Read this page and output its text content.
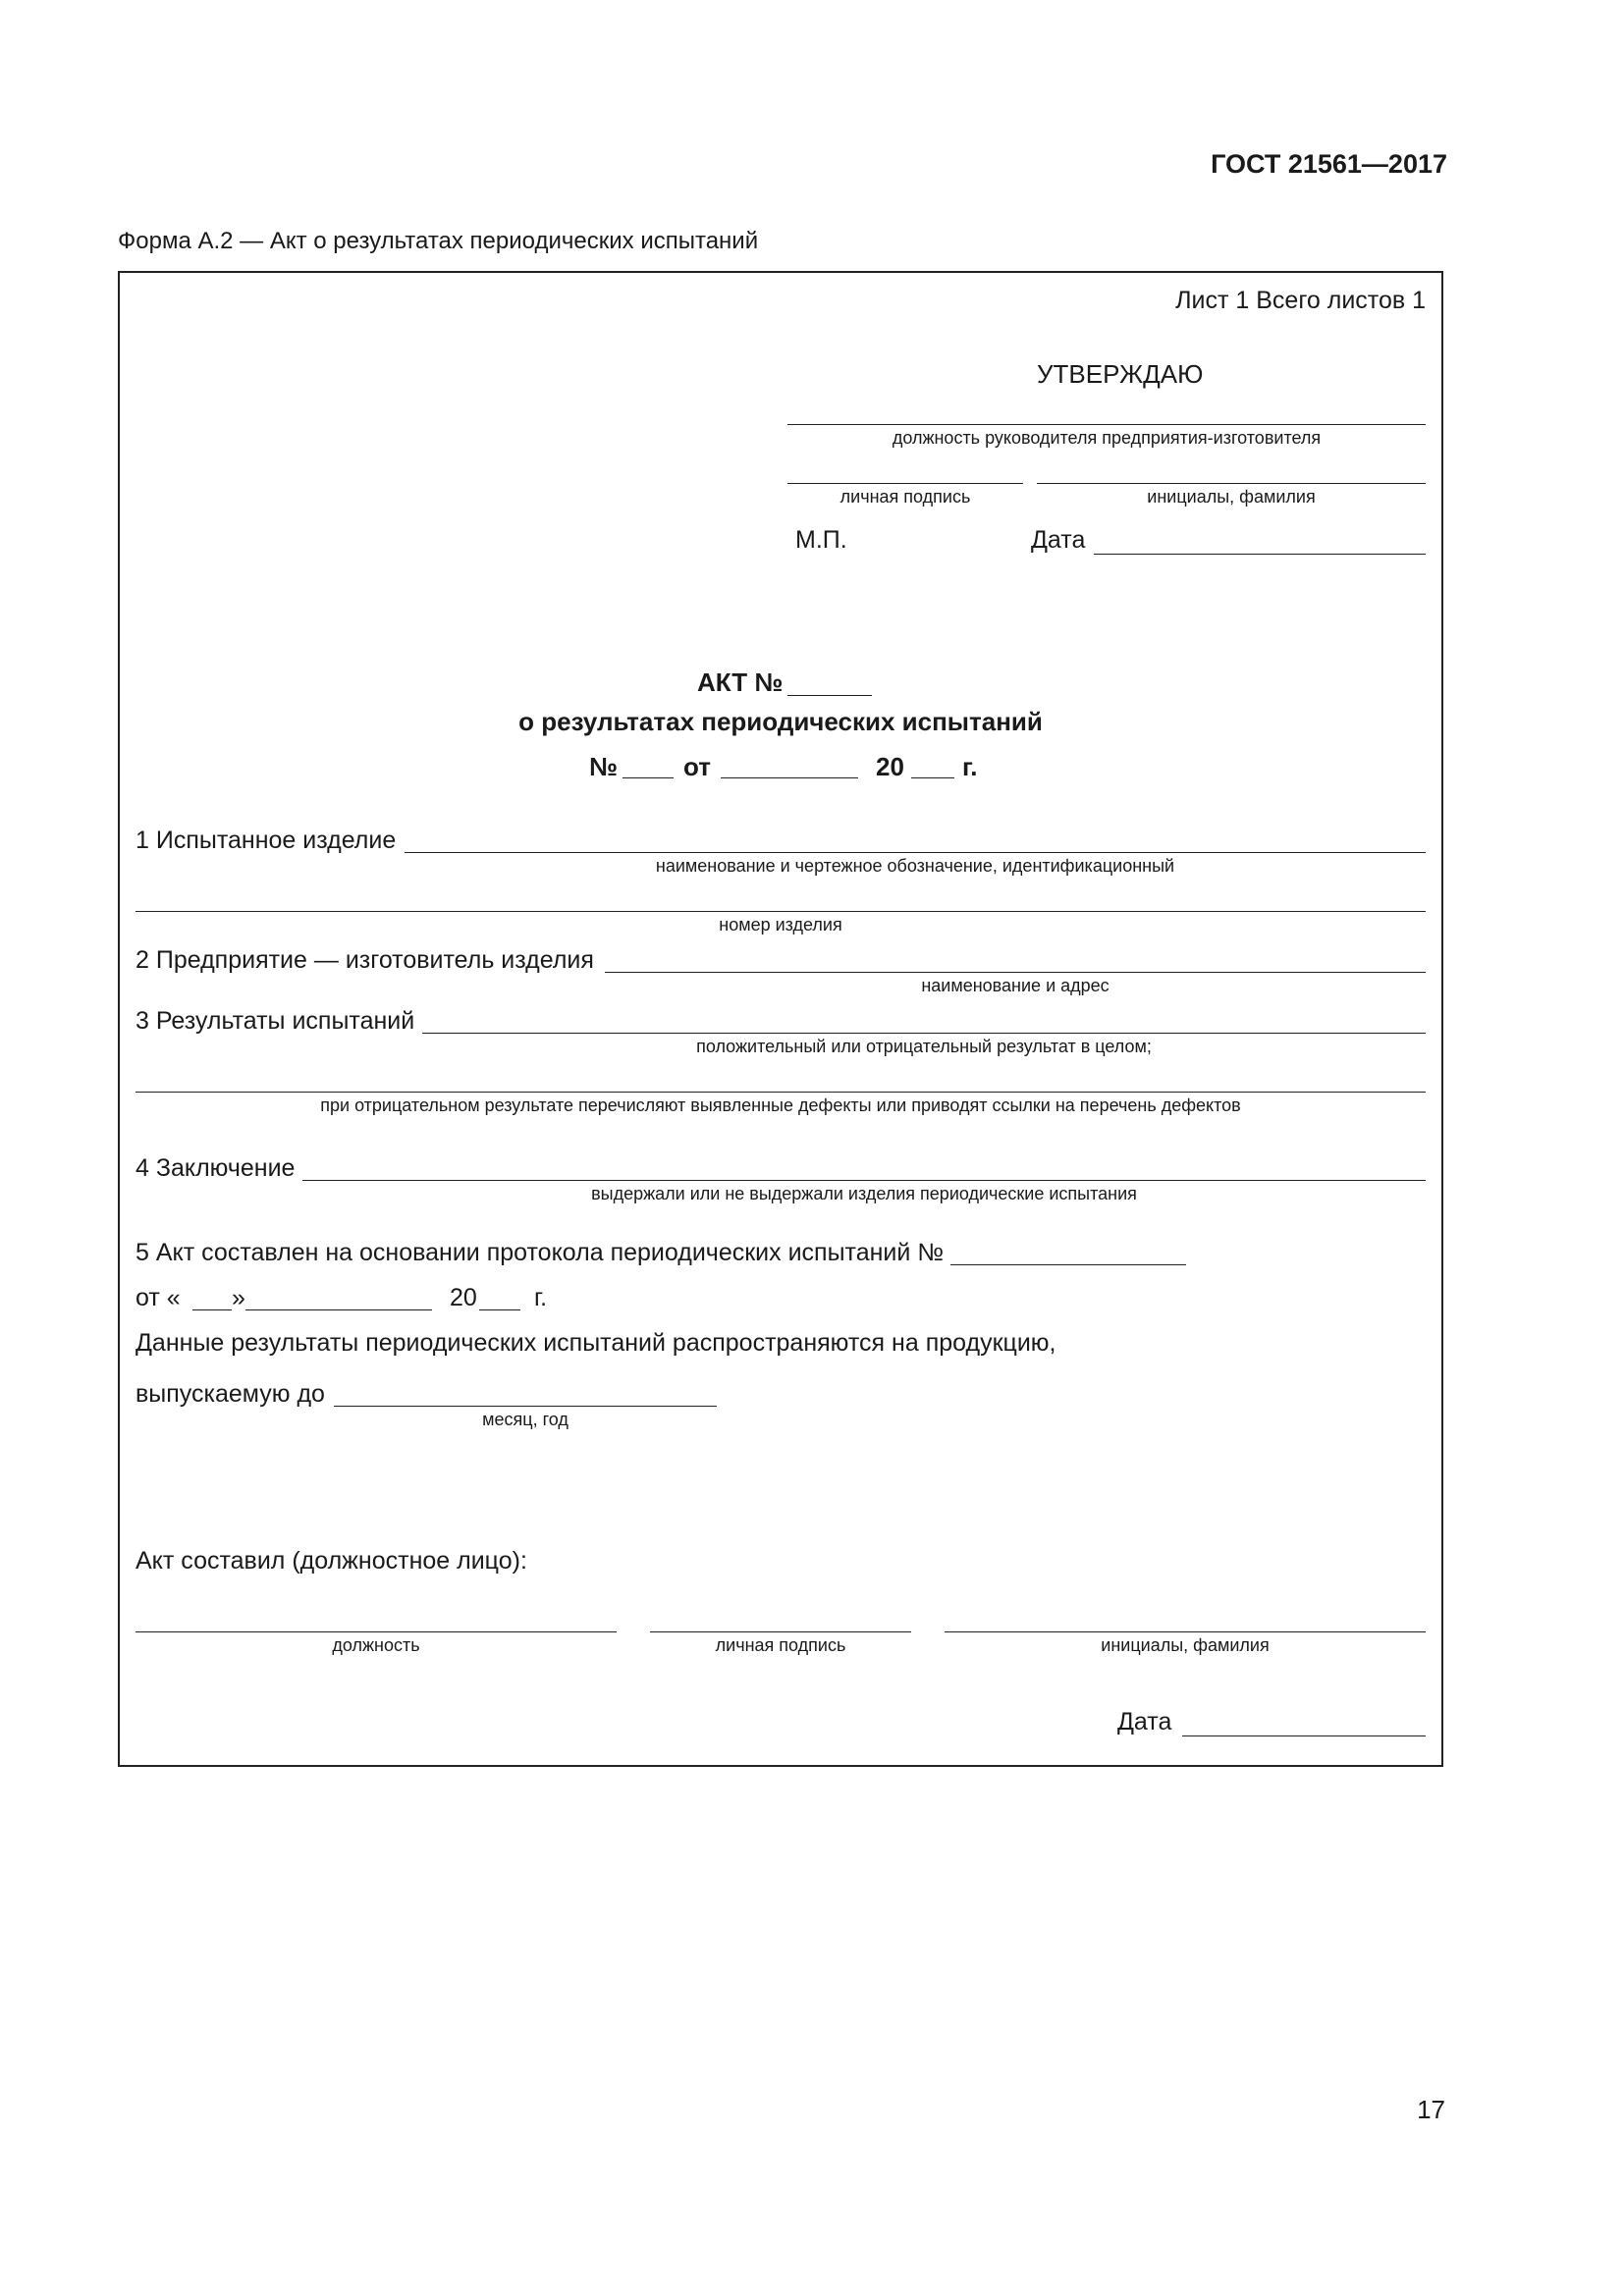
ГОСТ 21561—2017
Форма А.2 — Акт о результатах периодических испытаний
Лист 1 Всего листов 1
УТВЕРЖДАЮ
должность руководителя предприятия-изготовителя
личная подпись	инициалы, фамилия
М.П.	Дата
АКТ №
о результатах периодических испытаний
№	от	20 г.
1 Испытанное изделие
наименование и чертежное обозначение, идентификационный
номер изделия
2 Предприятие — изготовитель изделия
наименование и адрес
3 Результаты испытаний
положительный или отрицательный результат в целом;
при отрицательном результате перечисляют выявленные дефекты или приводят ссылки на перечень дефектов
4 Заключение
выдержали или не выдержали изделия периодические испытания
5 Акт составлен на основании протокола периодических испытаний №
от « »	20 г.
Данные результаты периодических испытаний распространяются на продукцию,
выпускаемую до
месяц, год
Акт составил (должностное лицо):
должность	личная подпись	инициалы, фамилия
Дата
17
